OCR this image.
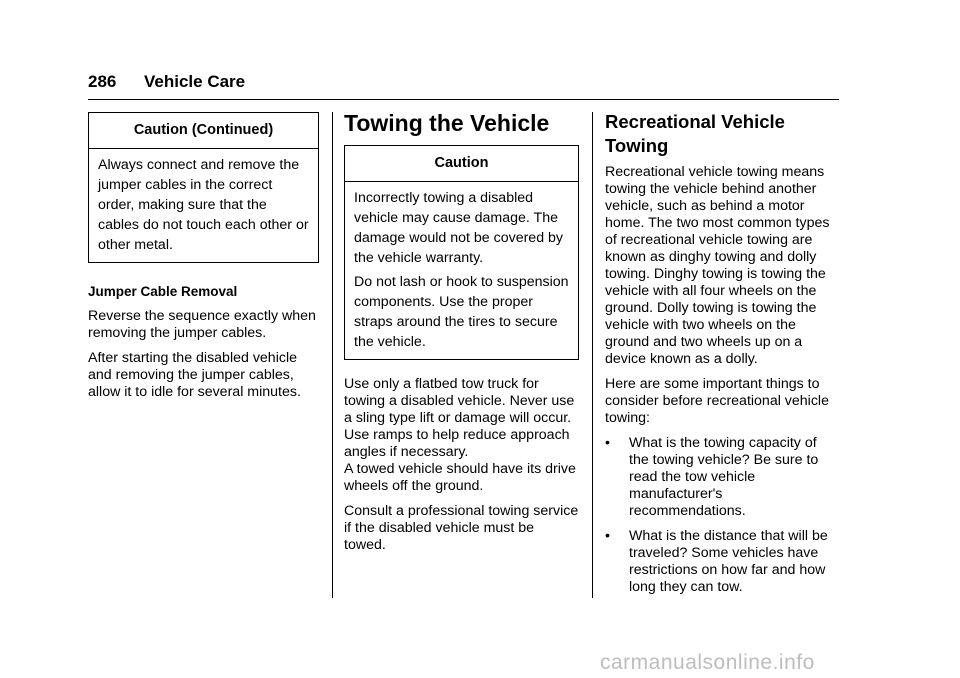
286 Vehicle Care
Caution (Continued)

Always connect and remove the jumper cables in the correct order, making sure that the cables do not touch each other or other metal.

Jumper Cable Removal

Reverse the sequence exactly when removing the jumper cables.

After starting the disabled vehicle and removing the jumper cables, allow it to idle for several minutes.

Towing the Vehicle
Caution

Incorrectly towing a disabled vehicle may cause damage. The damage would not be covered by the vehicle warranty.

Do not lash or hook to suspension components. Use the proper straps around the tires to secure the vehicle.

Use only a flatbed tow truck for towing a disabled vehicle. Never use a sling type lift or damage will occur. Use ramps to help reduce approach angles if necessary.

A towed vehicle should have its drive wheels off the ground.

Consult a professional towing service if the disabled vehicle must be towed.

Recreational Vehicle
Towing

Recreational vehicle towing means towing the vehicle behind another vehicle, such as behind a motor home. The two most common types of recreational vehicle towing are known as dinghy towing and dolly towing. Dinghy towing is towing the vehicle with all four wheels on the ground. Dolly towing is towing the vehicle with two wheels on the ground and two wheels up on a device known as a dolly.

Here are some important things to consider before recreational vehicle towing:

• What is the towing capacity of the towing vehicle? Be sure to read the tow vehicle manufacturer's recommendations.
• What is the distance that will be traveled? Some vehicles have restrictions on how far and how long they can tow.
carmanualsonline.info
